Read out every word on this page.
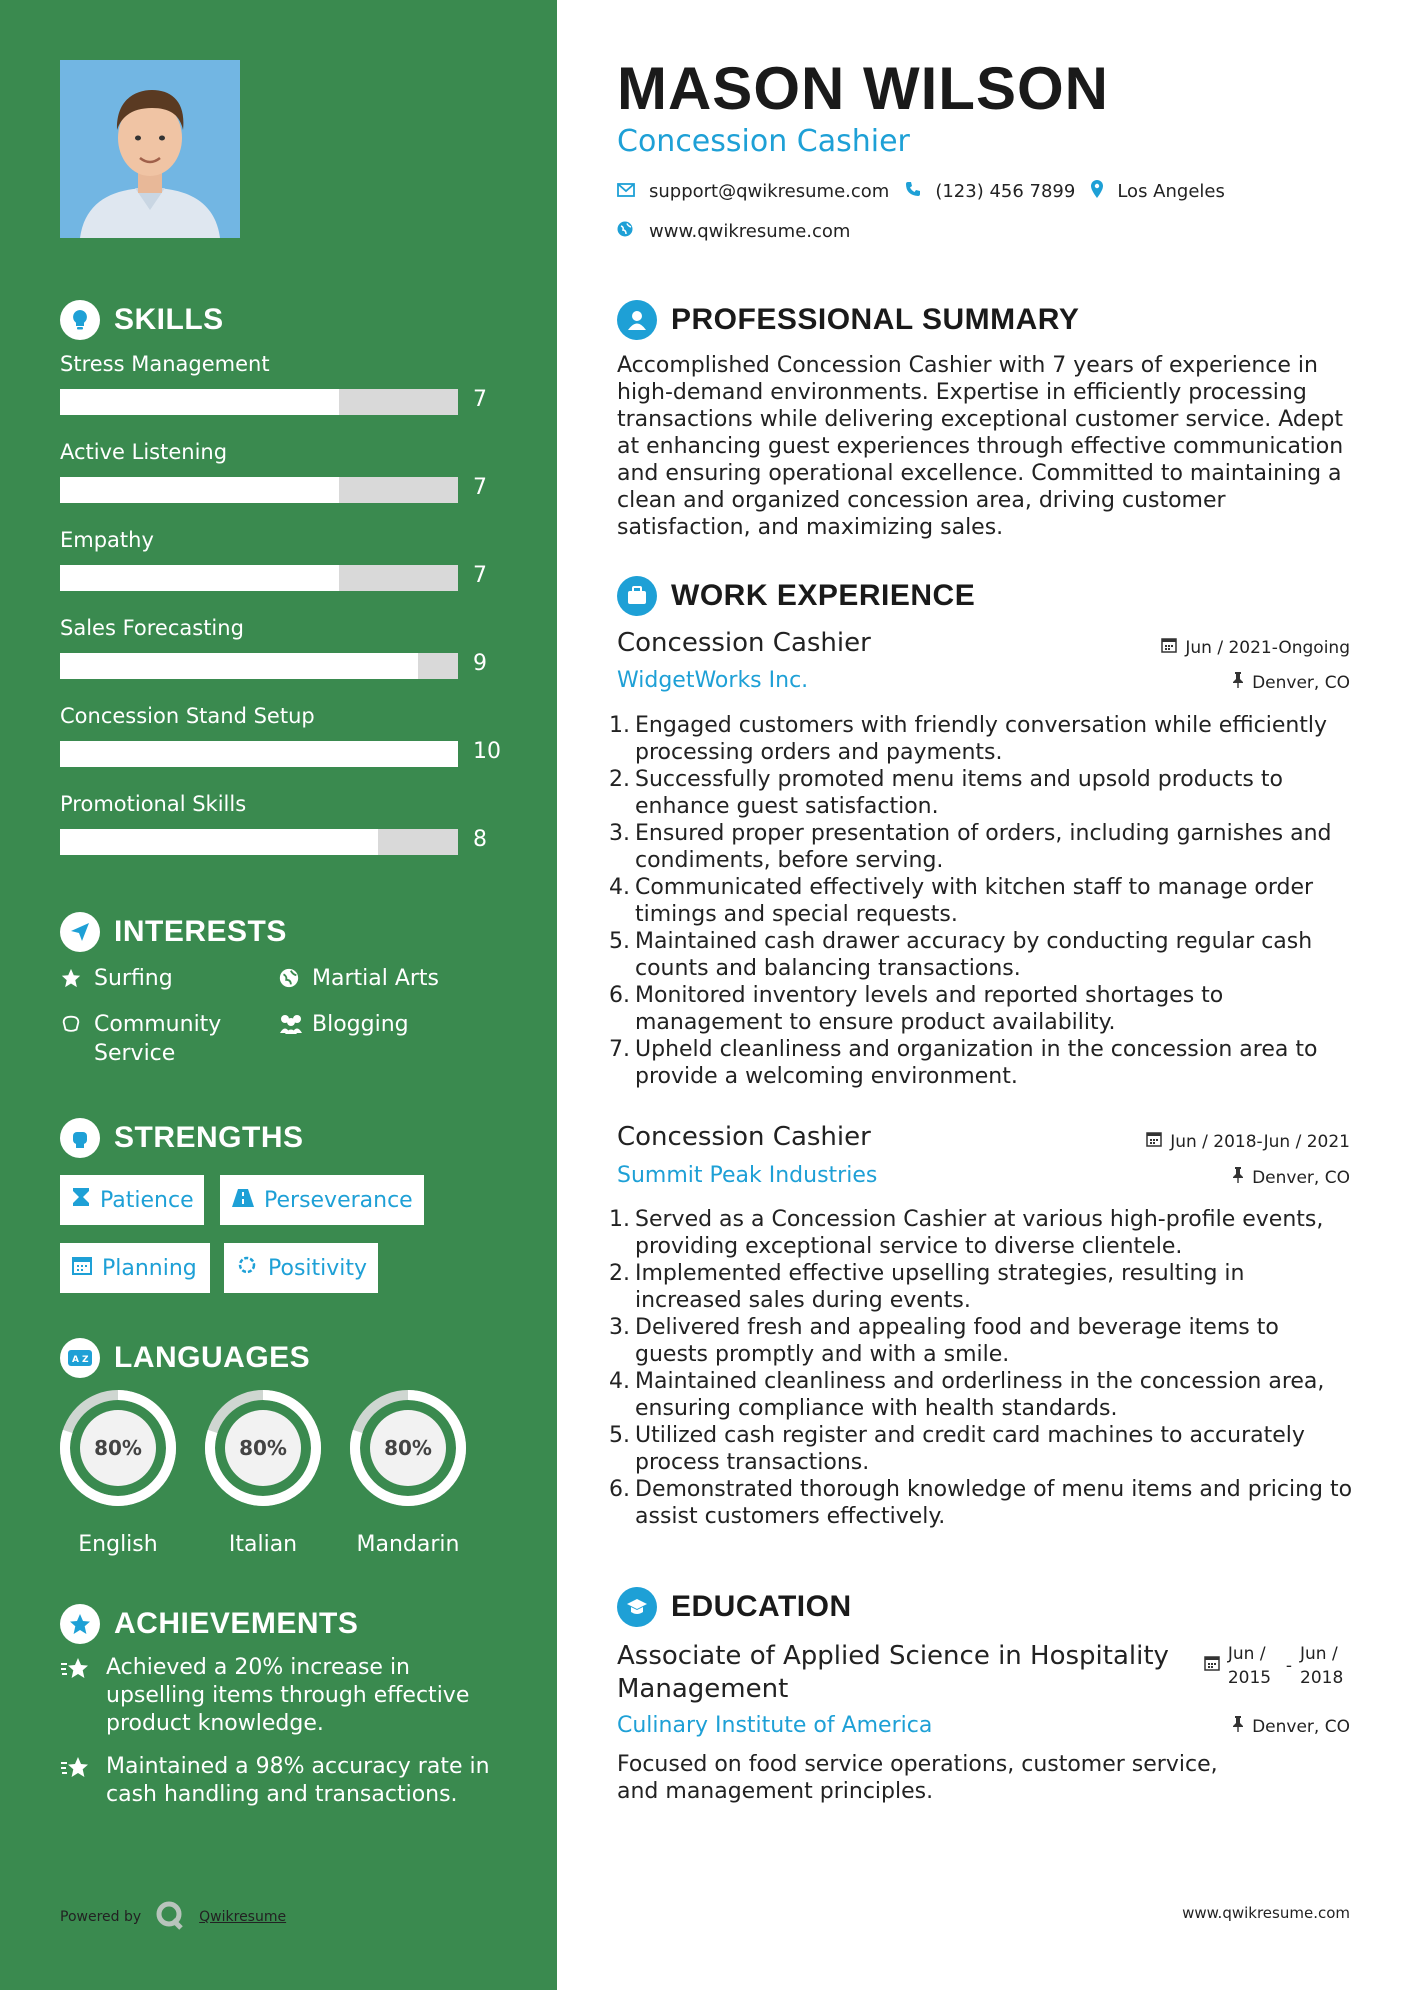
SKILLS
Stress Management
7
Active Listening
7
Empathy
7
Sales Forecasting
9
Concession Stand Setup
10
Promotional Skills
8
INTERESTS
Surfing	Martial Arts
Community Service
Blogging
STRENGTHS
Patience	Perseverance
Planning	Positivity
A Z LANGUAGES
80%
English
80%
Italian
80%
Mandarin
ACHIEVEMENTS
Achieved a 20% increase in upselling items through effective product knowledge.
Maintained a 98% accuracy rate in cash handling and transactions.
Powered by	Qwikresume
MASON WILSON
Concession Cashier
support@qwikresume.com	(123) 456 7899 Los Angeles
www.qwikresume.com
PROFESSIONAL SUMMARY
Accomplished Concession Cashier with 7 years of experience in high-demand environments. Expertise in efficiently processing transactions while delivering exceptional customer service. Adept at enhancing guest experiences through effective communication and ensuring operational excellence. Committed to maintaining a clean and organized concession area, driving customer satisfaction, and maximizing sales.
WORK EXPERIENCE
Concession Cashier	Jun / 2021-Ongoing
WidgetWorks Inc.	Denver, CO
1. Engaged customers with friendly conversation while efficiently processing orders and payments.
2. Successfully promoted menu items and upsold products to enhance guest satisfaction.
3. Ensured proper presentation of orders, including garnishes and condiments, before serving.
4. Communicated effectively with kitchen staff to manage order timings and special requests.
5. Maintained cash drawer accuracy by conducting regular cash counts and balancing transactions.
6. Monitored inventory levels and reported shortages to management to ensure product availability.
7. Upheld cleanliness and organization in the concession area to provide a welcoming environment.
Concession Cashier	Jun / 2018-Jun / 2021
Summit Peak Industries	Denver, CO
1. Served as a Concession Cashier at various high-profile events, providing exceptional service to diverse clientele.
2. Implemented effective upselling strategies, resulting in increased sales during events.
3. Delivered fresh and appealing food and beverage items to guests promptly and with a smile.
4. Maintained cleanliness and orderliness in the concession area, ensuring compliance with health standards.
5. Utilized cash register and credit card machines to accurately process transactions.
6. Demonstrated thorough knowledge of menu items and pricing to assist customers effectively.
EDUCATION
Associate of Applied Science in Hospitality Management
Jun / 2015
-
Jun / 2018
Culinary Institute of America	Denver, CO
Focused on food service operations, customer service, and management principles.
www.qwikresume.com
